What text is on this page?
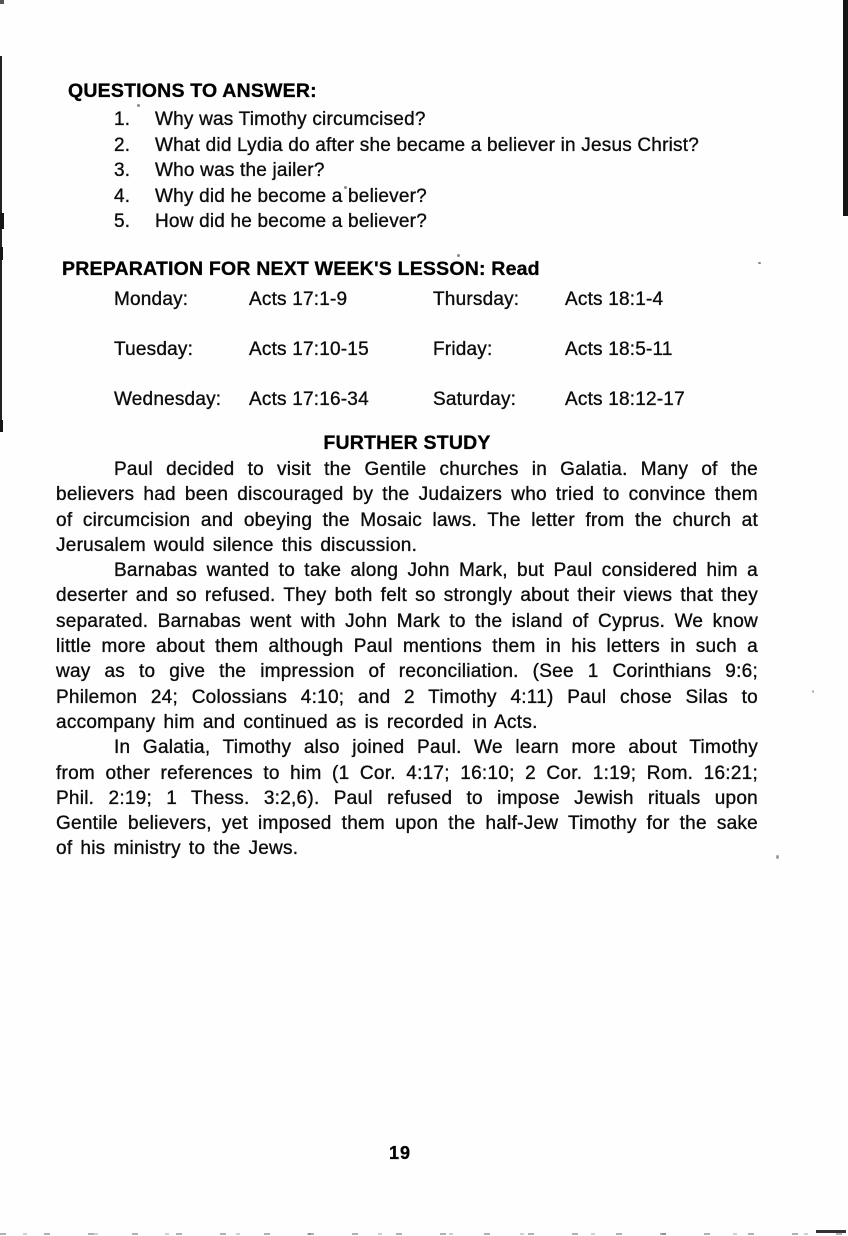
QUESTIONS TO ANSWER:
1.	Why was Timothy circumcised?
2.	What did Lydia do after she became a believer in Jesus Christ?
3.	Who was the jailer?
4.	Why did he become a believer?
5.	How did he become a believer?
PREPARATION FOR NEXT WEEK'S LESSON: Read
Monday:	Acts 17:1-9	Thursday:	Acts 18:1-4
Tuesday:	Acts 17:10-15	Friday:	Acts 18:5-11
Wednesday:	Acts 17:16-34	Saturday:	Acts 18:12-17
FURTHER STUDY

Paul decided to visit the Gentile churches in Galatia. Many of the believers had been discouraged by the Judaizers who tried to convince them of circumcision and obeying the Mosaic laws. The letter from the church at Jerusalem would silence this discussion.

Barnabas wanted to take along John Mark, but Paul considered him a deserter and so refused. They both felt so strongly about their views that they separated. Barnabas went with John Mark to the island of Cyprus. We know little more about them although Paul mentions them in his letters in such a way as to give the impression of reconciliation. (See 1 Corinthians 9:6; Philemon 24; Colossians 4:10; and 2 Timothy 4:11) Paul chose Silas to accompany him and continued as is recorded in Acts.

In Galatia, Timothy also joined Paul. We learn more about Timothy from other references to him (1 Cor. 4:17; 16:10; 2 Cor. 1:19; Rom. 16:21; Phil. 2:19; 1 Thess. 3:2,6). Paul refused to impose Jewish rituals upon Gentile believers, yet imposed them upon the half-Jew Timothy for the sake of his ministry to the Jews.

19
